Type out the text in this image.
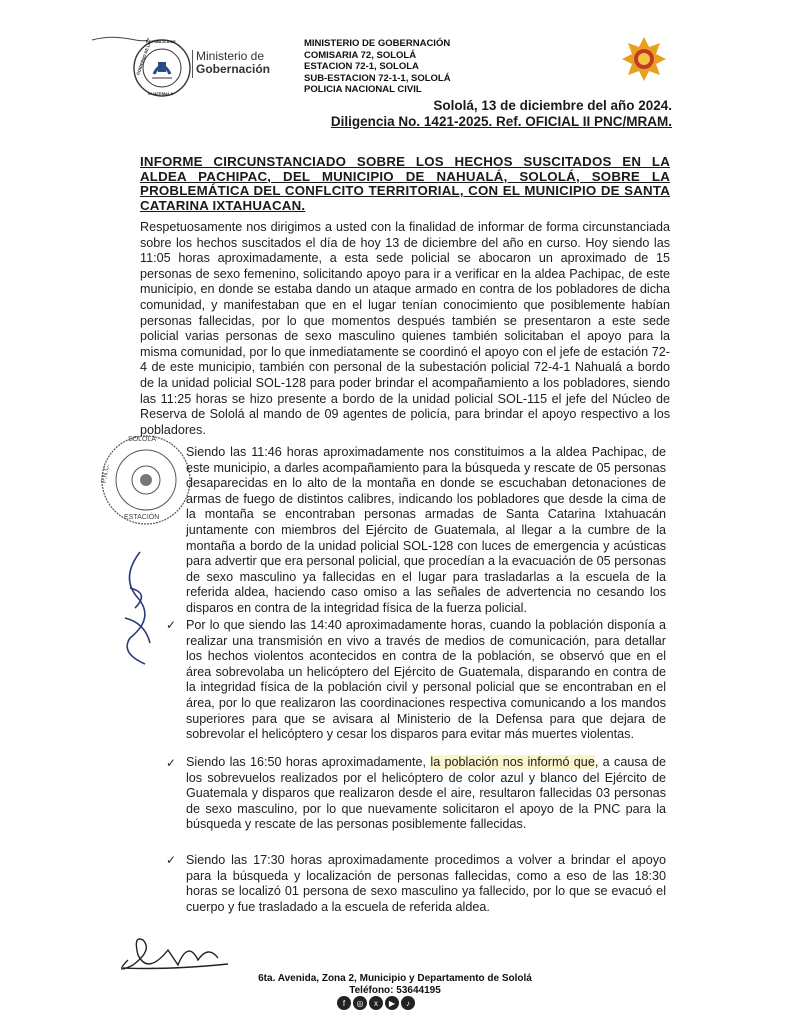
REPÚBLICA DE
GOBIERNO DE LA
GUATEMALA
Ministerio de
Gobernación
MINISTERIO DE GOBERNACIÓN
COMISARIA 72, SOLOLÁ
ESTACION 72-1, SOLOLA
SUB-ESTACION 72-1-1, SOLOLÁ
POLICIA NACIONAL CIVIL
Sololá, 13 de diciembre del año 2024.
Diligencia No. 1421-2025. Ref. OFICIAL II PNC/MRAM.
INFORME CIRCUNSTANCIADO SOBRE LOS HECHOS SUSCITADOS EN LA ALDEA PACHIPAC, DEL MUNICIPIO DE NAHUALÁ, SOLOLÁ, SOBRE LA PROBLEMÁTICA DEL CONFLCITO TERRITORIAL, CON EL MUNICIPIO DE SANTA CATARINA IXTAHUACAN.
Respetuosamente nos dirigimos a usted con la finalidad de informar de forma circunstanciada sobre los hechos suscitados el día de hoy 13 de diciembre del año en curso. Hoy siendo las 11:05 horas aproximadamente, a esta sede policial se abocaron un aproximado de 15 personas de sexo femenino, solicitando apoyo para ir a verificar en la aldea Pachipac, de este municipio, en donde se estaba dando un ataque armado en contra de los pobladores de dicha comunidad, y manifestaban que en el lugar tenían conocimiento que posiblemente habían personas fallecidas, por lo que momentos después también se presentaron a este sede policial varias personas de sexo masculino quienes también solicitaban el apoyo para la misma comunidad, por lo que inmediatamente se coordinó el apoyo con el jefe de estación 72-4 de este municipio, también con personal de la subestación policial 72-4-1 Nahualá a bordo de la unidad policial SOL-128 para poder brindar el acompañamiento a los pobladores, siendo las 11:25 horas se hizo presente a bordo de la unidad policial SOL-115 el jefe del Núcleo de Reserva de Sololá al mando de 09 agentes de policía, para brindar el apoyo respectivo a los pobladores.
SOLOLÁ
P.N.C.
ESTACIÓN
Siendo las 11:46 horas aproximadamente nos constituimos a la aldea Pachipac, de este municipio, a darles acompañamiento para la búsqueda y rescate de 05 personas desaparecidas en lo alto de la montaña en donde se escuchaban detonaciones de armas de fuego de distintos calibres, indicando los pobladores que desde la cima de la montaña se encontraban personas armadas de Santa Catarina Ixtahuacán juntamente con miembros del Ejército de Guatemala, al llegar a la cumbre de la montaña a bordo de la unidad policial SOL-128 con luces de emergencia y acústicas para advertir que era personal policial, que procedían a la evacuación de 05 personas de sexo masculino ya fallecidas en el lugar para trasladarlas a la escuela de la referida aldea, haciendo caso omiso a las señales de advertencia no cesando los disparos en contra de la integridad física de la fuerza policial.
✓ Por lo que siendo las 14:40 aproximadamente horas, cuando la población disponía a realizar una transmisión en vivo a través de medios de comunicación, para detallar los hechos violentos acontecidos en contra de la población, se observó que en el área sobrevolaba un helicóptero del Ejército de Guatemala, disparando en contra de la integridad física de la población civil y personal policial que se encontraban en el área, por lo que realizaron las coordinaciones respectiva comunicando a los mandos superiores para que se avisara al Ministerio de la Defensa para que dejara de sobrevolar el helicóptero y cesar los disparos para evitar más muertes violentas.
✓ Siendo las 16:50 horas aproximadamente, la población nos informó que, a causa de los sobrevuelos realizados por el helicóptero de color azul y blanco del Ejército de Guatemala y disparos que realizaron desde el aire, resultaron fallecidas 03 personas de sexo masculino, por lo que nuevamente solicitaron el apoyo de la PNC para la búsqueda y rescate de las personas posiblemente fallecidas.
✓ Siendo las 17:30 horas aproximadamente procedimos a volver a brindar el apoyo para la búsqueda y localización de personas fallecidas, como a eso de las 18:30 horas se localizó 01 persona de sexo masculino ya fallecido, por lo que se evacuó el cuerpo y fue trasladado a la escuela de referida aldea.
6ta. Avenida, Zona 2, Municipio y Departamento de Sololá
Teléfono: 53644195
f	◎	x	▶	♪
